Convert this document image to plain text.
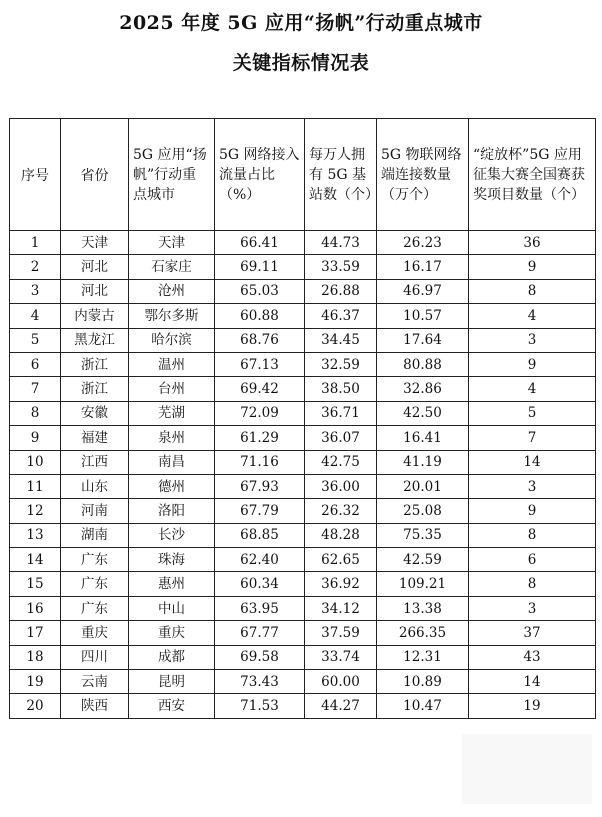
2025 年度 5G 应用“扬帆”行动重点城市
关键指标情况表
序号	省份	5G 应用“扬帆”行动重点城市	5G 网络接入流量占比（%）	每万人拥有 5G 基站数（个）	5G 物联网络端连接数量（万个）	“绽放杯”5G 应用征集大赛全国赛获奖项目数量（个）
1	天津	天津	66.41	44.73	26.23	36
2	河北	石家庄	69.11	33.59	16.17	9
3	河北	沧州	65.03	26.88	46.97	8
4	内蒙古	鄂尔多斯	60.88	46.37	10.57	4
5	黑龙江	哈尔滨	68.76	34.45	17.64	3
6	浙江	温州	67.13	32.59	80.88	9
7	浙江	台州	69.42	38.50	32.86	4
8	安徽	芜湖	72.09	36.71	42.50	5
9	福建	泉州	61.29	36.07	16.41	7
10	江西	南昌	71.16	42.75	41.19	14
11	山东	德州	67.93	36.00	20.01	3
12	河南	洛阳	67.79	26.32	25.08	9
13	湖南	长沙	68.85	48.28	75.35	8
14	广东	珠海	62.40	62.65	42.59	6
15	广东	惠州	60.34	36.92	109.21	8
16	广东	中山	63.95	34.12	13.38	3
17	重庆	重庆	67.77	37.59	266.35	37
18	四川	成都	69.58	33.74	12.31	43
19	云南	昆明	73.43	60.00	10.89	14
20	陕西	西安	71.53	44.27	10.47	19
